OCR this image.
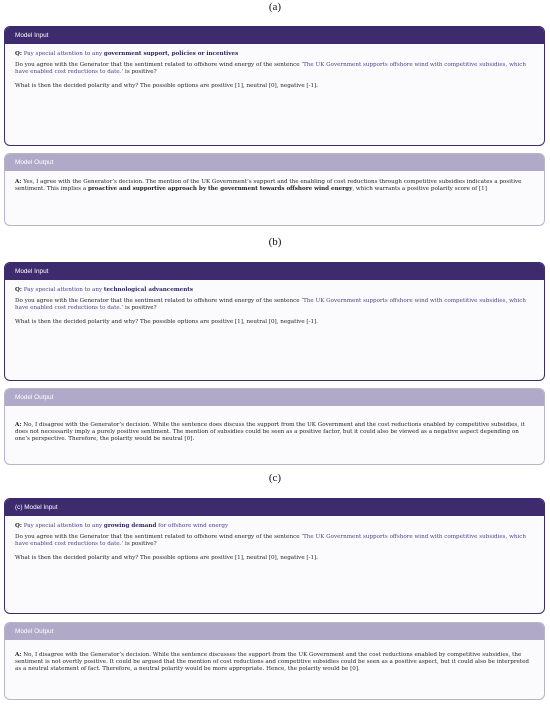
(a)
Model Input
Q: Pay special attention to any government support, policies or incentives
Do you agree with the Generator that the sentiment related to offshore wind energy of the sentence ‘The UK Government supports offshore wind with competitive subsidies, which have enabled cost reductions to date.’ is positive?
What is then the decided polarity and why? The possible options are positive [1], neutral [0], negative [-1].
Model Output
A: Yes, I agree with the Generator’s decision. The mention of the UK Government’s support and the enabling of cost reductions through competitive subsidies indicates a positive sentiment. This implies a proactive and supportive approach by the government towards offshore wind energy, which warrants a positive polarity score of [1]
(b)
Model Input
Q: Pay special attention to any technological advancements
Do you agree with the Generator that the sentiment related to offshore wind energy of the sentence ‘The UK Government supports offshore wind with competitive subsidies, which have enabled cost reductions to date.’ is positive?
What is then the decided polarity and why? The possible options are positive [1], neutral [0], negative [-1].
Model Output
A: No, I disagree with the Generator’s decision. While the sentence does discuss the support from the UK Government and the cost reductions enabled by competitive subsidies, it does not necessarily imply a purely positive sentiment. The mention of subsidies could be seen as a positive factor, but it could also be viewed as a negative aspect depending on one’s perspective. Therefore, the polarity would be neutral [0].
(c)
(c) Model Input
Q: Pay special attention to any growing demand for offshore wind energy
Do you agree with the Generator that the sentiment related to offshore wind energy of the sentence ‘The UK Government supports offshore wind with competitive subsidies, which have enabled cost reductions to date.’ is positive?
What is then the decided polarity and why? The possible options are positive [1], neutral [0], negative [-1].
Model Output
A: No, I disagree with the Generator’s decision. While the sentence discusses the support from the UK Government and the cost reductions enabled by competitive subsidies, the sentiment is not overtly positive. It could be argued that the mention of cost reductions and competitive subsidies could be seen as a positive aspect, but it could also be interpreted as a neutral statement of fact. Therefore, a neutral polarity would be more appropriate. Hence, the polarity would be [0].
